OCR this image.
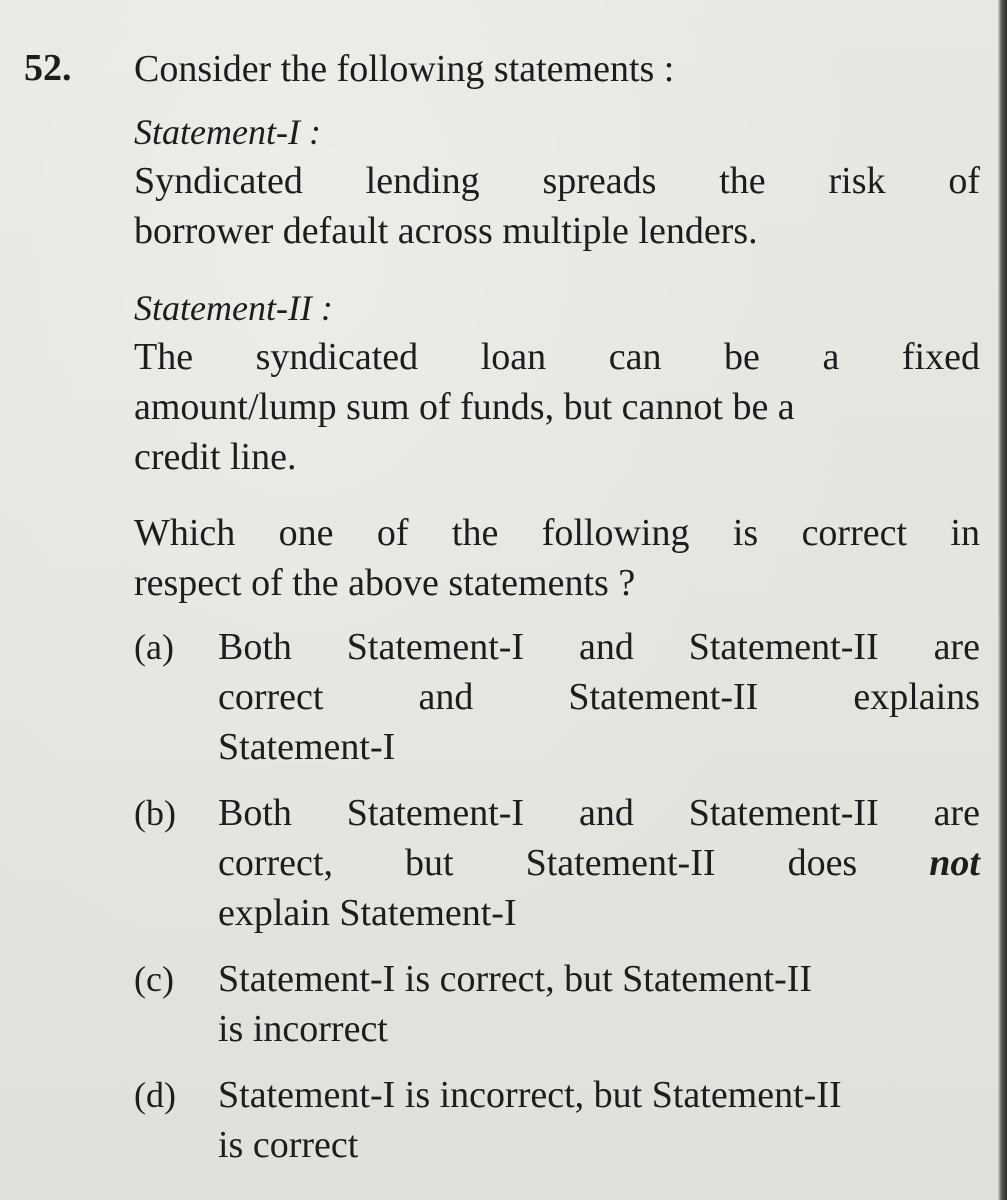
52. Consider the following statements :

Statement-I :

Syndicated lending spreads the risk of

borrower default across multiple lenders.

Statement-II :

The syndicated loan can be a fixed

amount/lump sum of funds, but cannot be a

credit line.

Which one of the following is correct in

respect of the above statements ?

(a) Both Statement-I and Statement-II are

correct	and	Statement-II	explains

Statement-I

(b) Both Statement-I and Statement-II are

correct, but Statement-II does not

explain Statement-I

(c) Statement-I is correct, but Statement-II

is incorrect

(d) Statement-I is incorrect, but Statement-II

is correct
